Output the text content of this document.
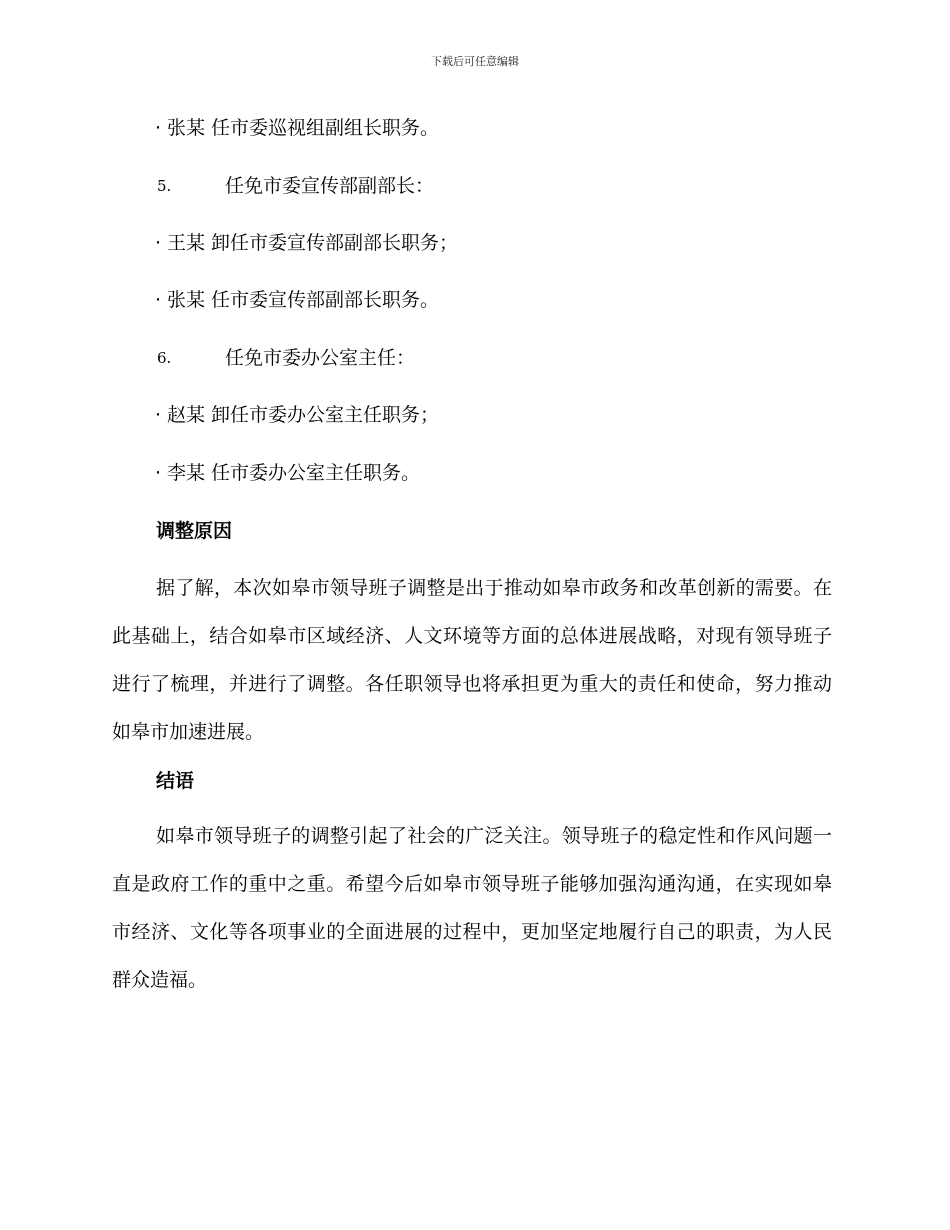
下载后可任意编辑
· 张某 任市委巡视组副组长职务。
5.	任免市委宣传部副部长：
· 王某 卸任市委宣传部副部长职务；
· 张某 任市委宣传部副部长职务。
6.	任免市委办公室主任：
· 赵某 卸任市委办公室主任职务；
· 李某 任市委办公室主任职务。
调整原因
据了解，本次如皋市领导班子调整是出于推动如皋市政务和改革创新的需要。在此基础上，结合如皋市区域经济、人文环境等方面的总体进展战略，对现有领导班子进行了梳理，并进行了调整。各任职领导也将承担更为重大的责任和使命，努力推动如皋市加速进展。
结语
如皋市领导班子的调整引起了社会的广泛关注。领导班子的稳定性和作风问题一直是政府工作的重中之重。希望今后如皋市领导班子能够加强沟通沟通，在实现如皋市经济、文化等各项事业的全面进展的过程中，更加坚定地履行自己的职责，为人民群众造福。
